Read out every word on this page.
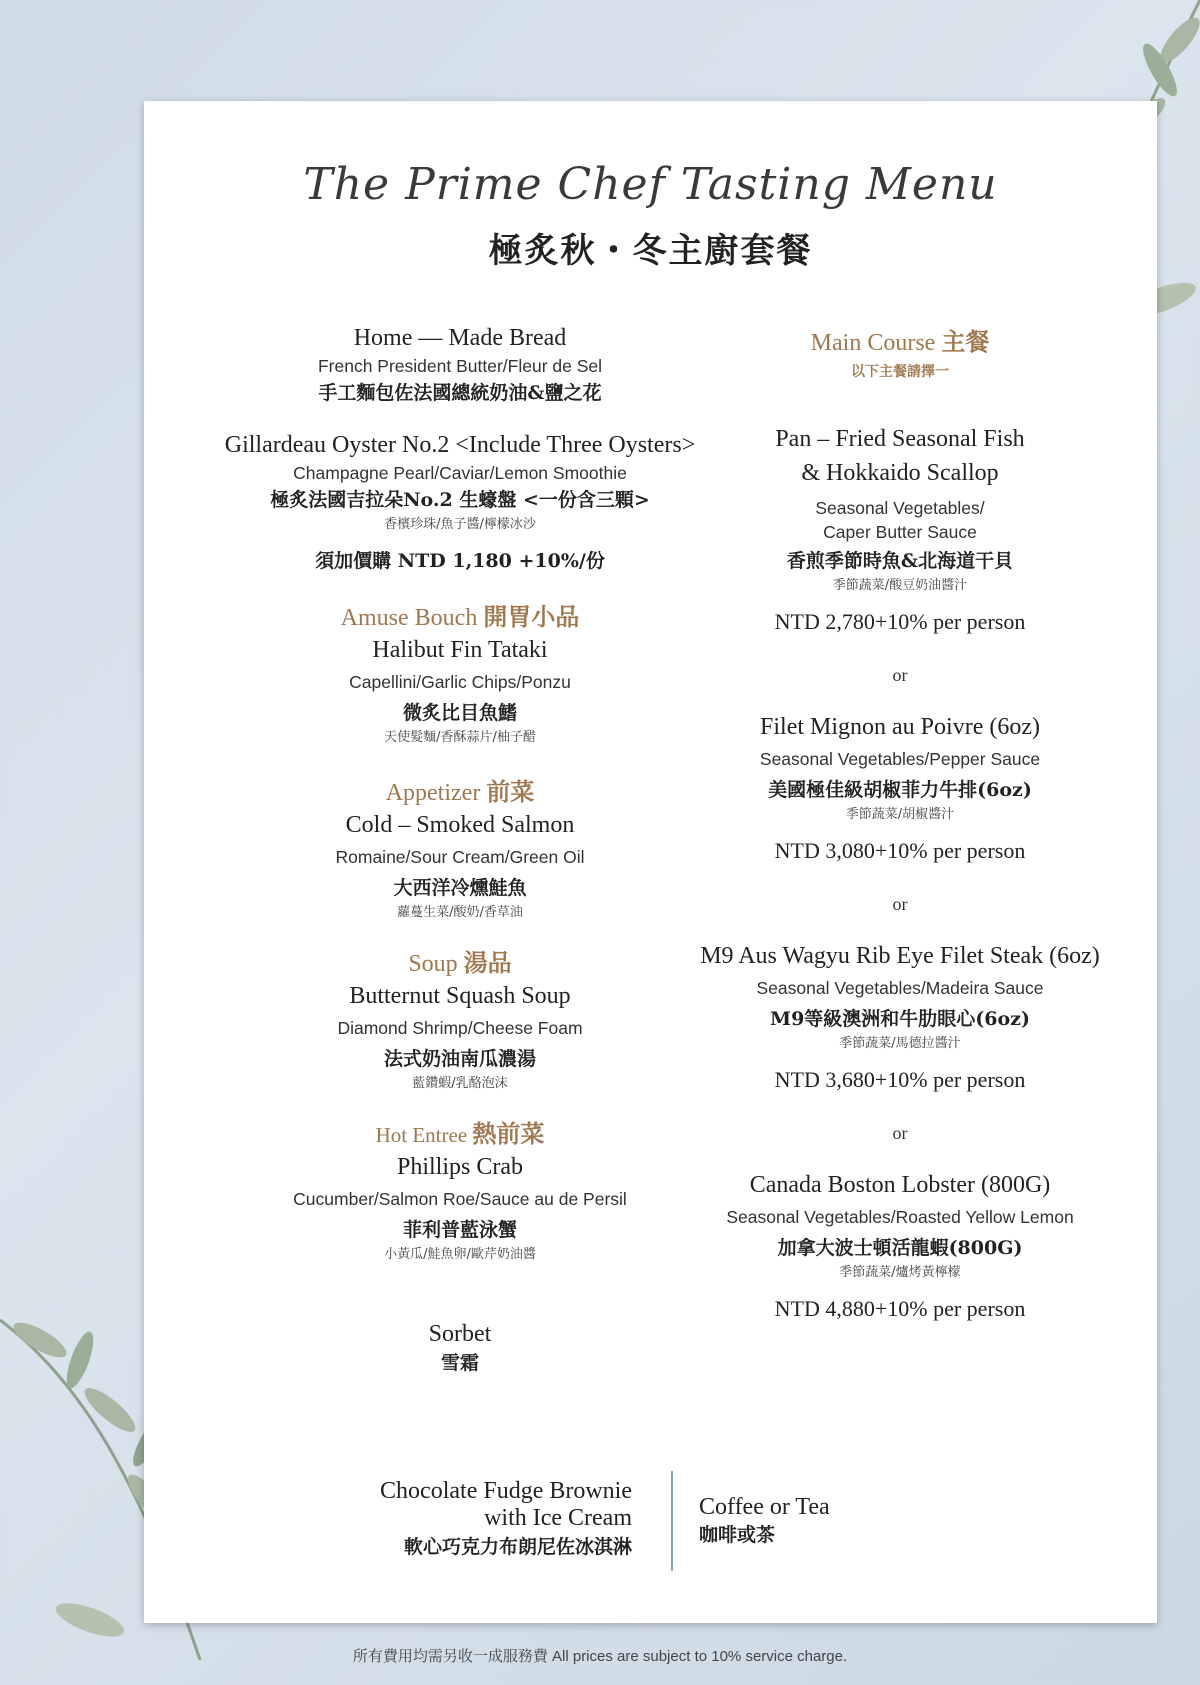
The Prime Chef Tasting Menu
極炙秋・冬主廚套餐
Home — Made Bread
French President Butter/Fleur de Sel
手工麵包佐法國總統奶油&鹽之花
Gillardeau Oyster No.2 <Include Three Oysters>
Champagne Pearl/Caviar/Lemon Smoothie
極炙法國吉拉朵No.2 生蠔盤 <一份含三顆>
香檳珍珠/魚子醬/檸檬冰沙
須加價購 NTD 1,180 +10%/份
Amuse Bouch 開胃小品
Halibut Fin Tataki
Capellini/Garlic Chips/Ponzu
微炙比目魚鰭
天使髮麵/香酥蒜片/柚子醋
Appetizer 前菜
Cold – Smoked Salmon
Romaine/Sour Cream/Green Oil
大西洋冷燻鮭魚
蘿蔓生菜/酸奶/香草油
Soup 湯品
Butternut Squash Soup
Diamond Shrimp/Cheese Foam
法式奶油南瓜濃湯
藍鑽蝦/乳酪泡沫
Hot Entree 熱前菜
Phillips Crab
Cucumber/Salmon Roe/Sauce au de Persil
菲利普藍泳蟹
小黃瓜/鮭魚卵/歐芹奶油醬
Sorbet
雪霜
Main Course 主餐
以下主餐請擇一
Pan – Fried Seasonal Fish
& Hokkaido Scallop
Seasonal Vegetables/
Caper Butter Sauce
香煎季節時魚&北海道干貝
季節蔬菜/酸豆奶油醬汁
NTD 2,780+10% per person
or
Filet Mignon au Poivre (6oz)
Seasonal Vegetables/Pepper Sauce
美國極佳級胡椒菲力牛排(6oz)
季節蔬菜/胡椒醬汁
NTD 3,080+10% per person
or
M9 Aus Wagyu Rib Eye Filet Steak (6oz)
Seasonal Vegetables/Madeira Sauce
M9等級澳洲和牛肋眼心(6oz)
季節蔬菜/馬德拉醬汁
NTD 3,680+10% per person
or
Canada Boston Lobster (800G)
Seasonal Vegetables/Roasted Yellow Lemon
加拿大波士頓活龍蝦(800G)
季節蔬菜/爐烤黃檸檬
NTD 4,880+10% per person
Chocolate Fudge Brownie
with Ice Cream
軟心巧克力布朗尼佐冰淇淋
Coffee or Tea
咖啡或茶
所有費用均需另收一成服務費 All prices are subject to 10% service charge.
